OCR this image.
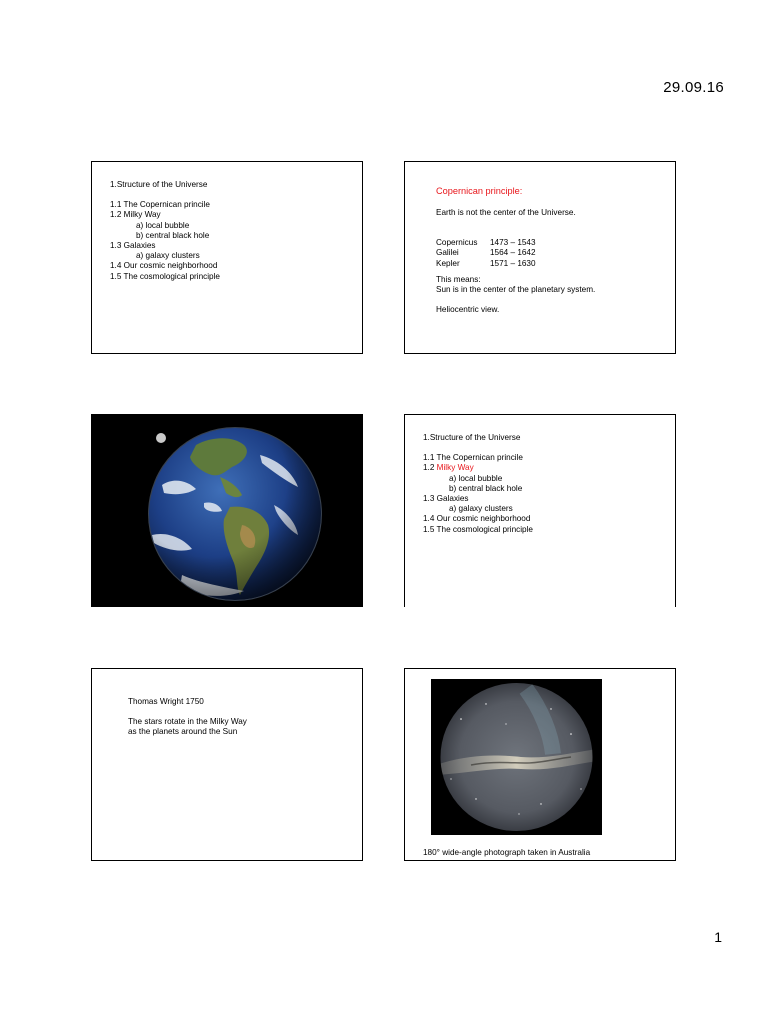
29.09.16
1.Structure of the Universe
1.1 The Copernican princile
1.2 Milky Way
a) local bubble
b) central black hole
1.3 Galaxies
a) galaxy clusters
1.4 Our cosmic neighborhood
1.5 The cosmological principle
Copernican principle:
Earth is not the center of the Universe.
Copernicus	1473 – 1543
Galilei	1564 – 1642
Kepler	1571 – 1630
This means:
Sun is in the center of the planetary system.
Heliocentric view.
1.Structure of the Universe
1.1 The Copernican princile
1.2 Milky Way
a) local bubble
b) central black hole
1.3 Galaxies
a) galaxy clusters
1.4 Our cosmic neighborhood
1.5 The cosmological principle
Thomas Wright 1750
The stars rotate in the Milky Way
as the planets around the Sun
180° wide-angle photograph taken in Australia
1
